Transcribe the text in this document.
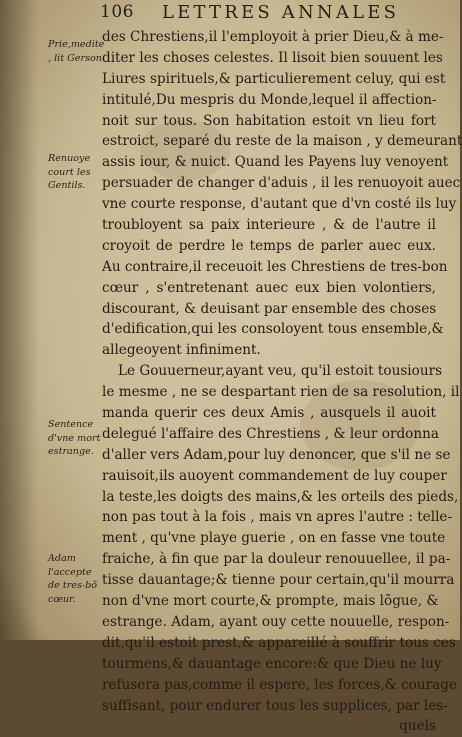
106 LETTRES ANNALES
Prie,medite , lit Gerson.
Renuoye court les Gentils.
Sentence d'vne mort estrange.
Adam l'accepte de tres-bõ cœur.
des Chrestiens,il l'employoit à prier Dieu,& à me-
diter les choses celestes. Il lisoit bien souuent les
Liures spirituels,& particulierement celuy, qui est
intitulé,Du mespris du Monde,lequel il affection-
noit sur tous. Son habitation estoit vn lieu fort
estroict, separé du reste de la maison , y demeurant
assis iour, & nuict. Quand les Payens luy venoyent
persuader de changer d'aduis , il les renuoyoit auec
vne courte response, d'autant que d'vn costé ils luy
troubloyent sa paix interieure , & de l'autre il
croyoit de perdre le temps de parler auec eux.
Au contraire,il receuoit les Chrestiens de tres-bon
cœur , s'entretenant auec eux bien volontiers,
discourant, & deuisant par ensemble des choses
d'edification,qui les consoloyent tous ensemble,&
allegeoyent infiniment.
Le Gouuerneur,ayant veu, qu'il estoit tousiours
le mesme , ne se despartant rien de sa resolution, il
manda querir ces deux Amis , ausquels il auoit
delegué l'affaire des Chrestiens , & leur ordonna
d'aller vers Adam,pour luy denoncer, que s'il ne se
rauisoit,ils auoyent commandement de luy couper
la teste,les doigts des mains,& les orteils des pieds,
non pas tout à la fois , mais vn apres l'autre : telle-
ment , qu'vne playe guerie , on en fasse vne toute
fraiche, à fin que par la douleur renouuellee, il pa-
tisse dauantage;& tienne pour certain,qu'il mourra
non d'vne mort courte,& prompte, mais lõgue, &
estrange. Adam, ayant ouy cette nouuelle, respon-
dit,qu'il estoit prest,& appareillé à souffrir tous ces
tourmens,& dauantage encore:& que Dieu ne luy
refusera pas,comme il espere, les forces,& courage
suffisant, pour endurer tous les supplices, par les-
quels
